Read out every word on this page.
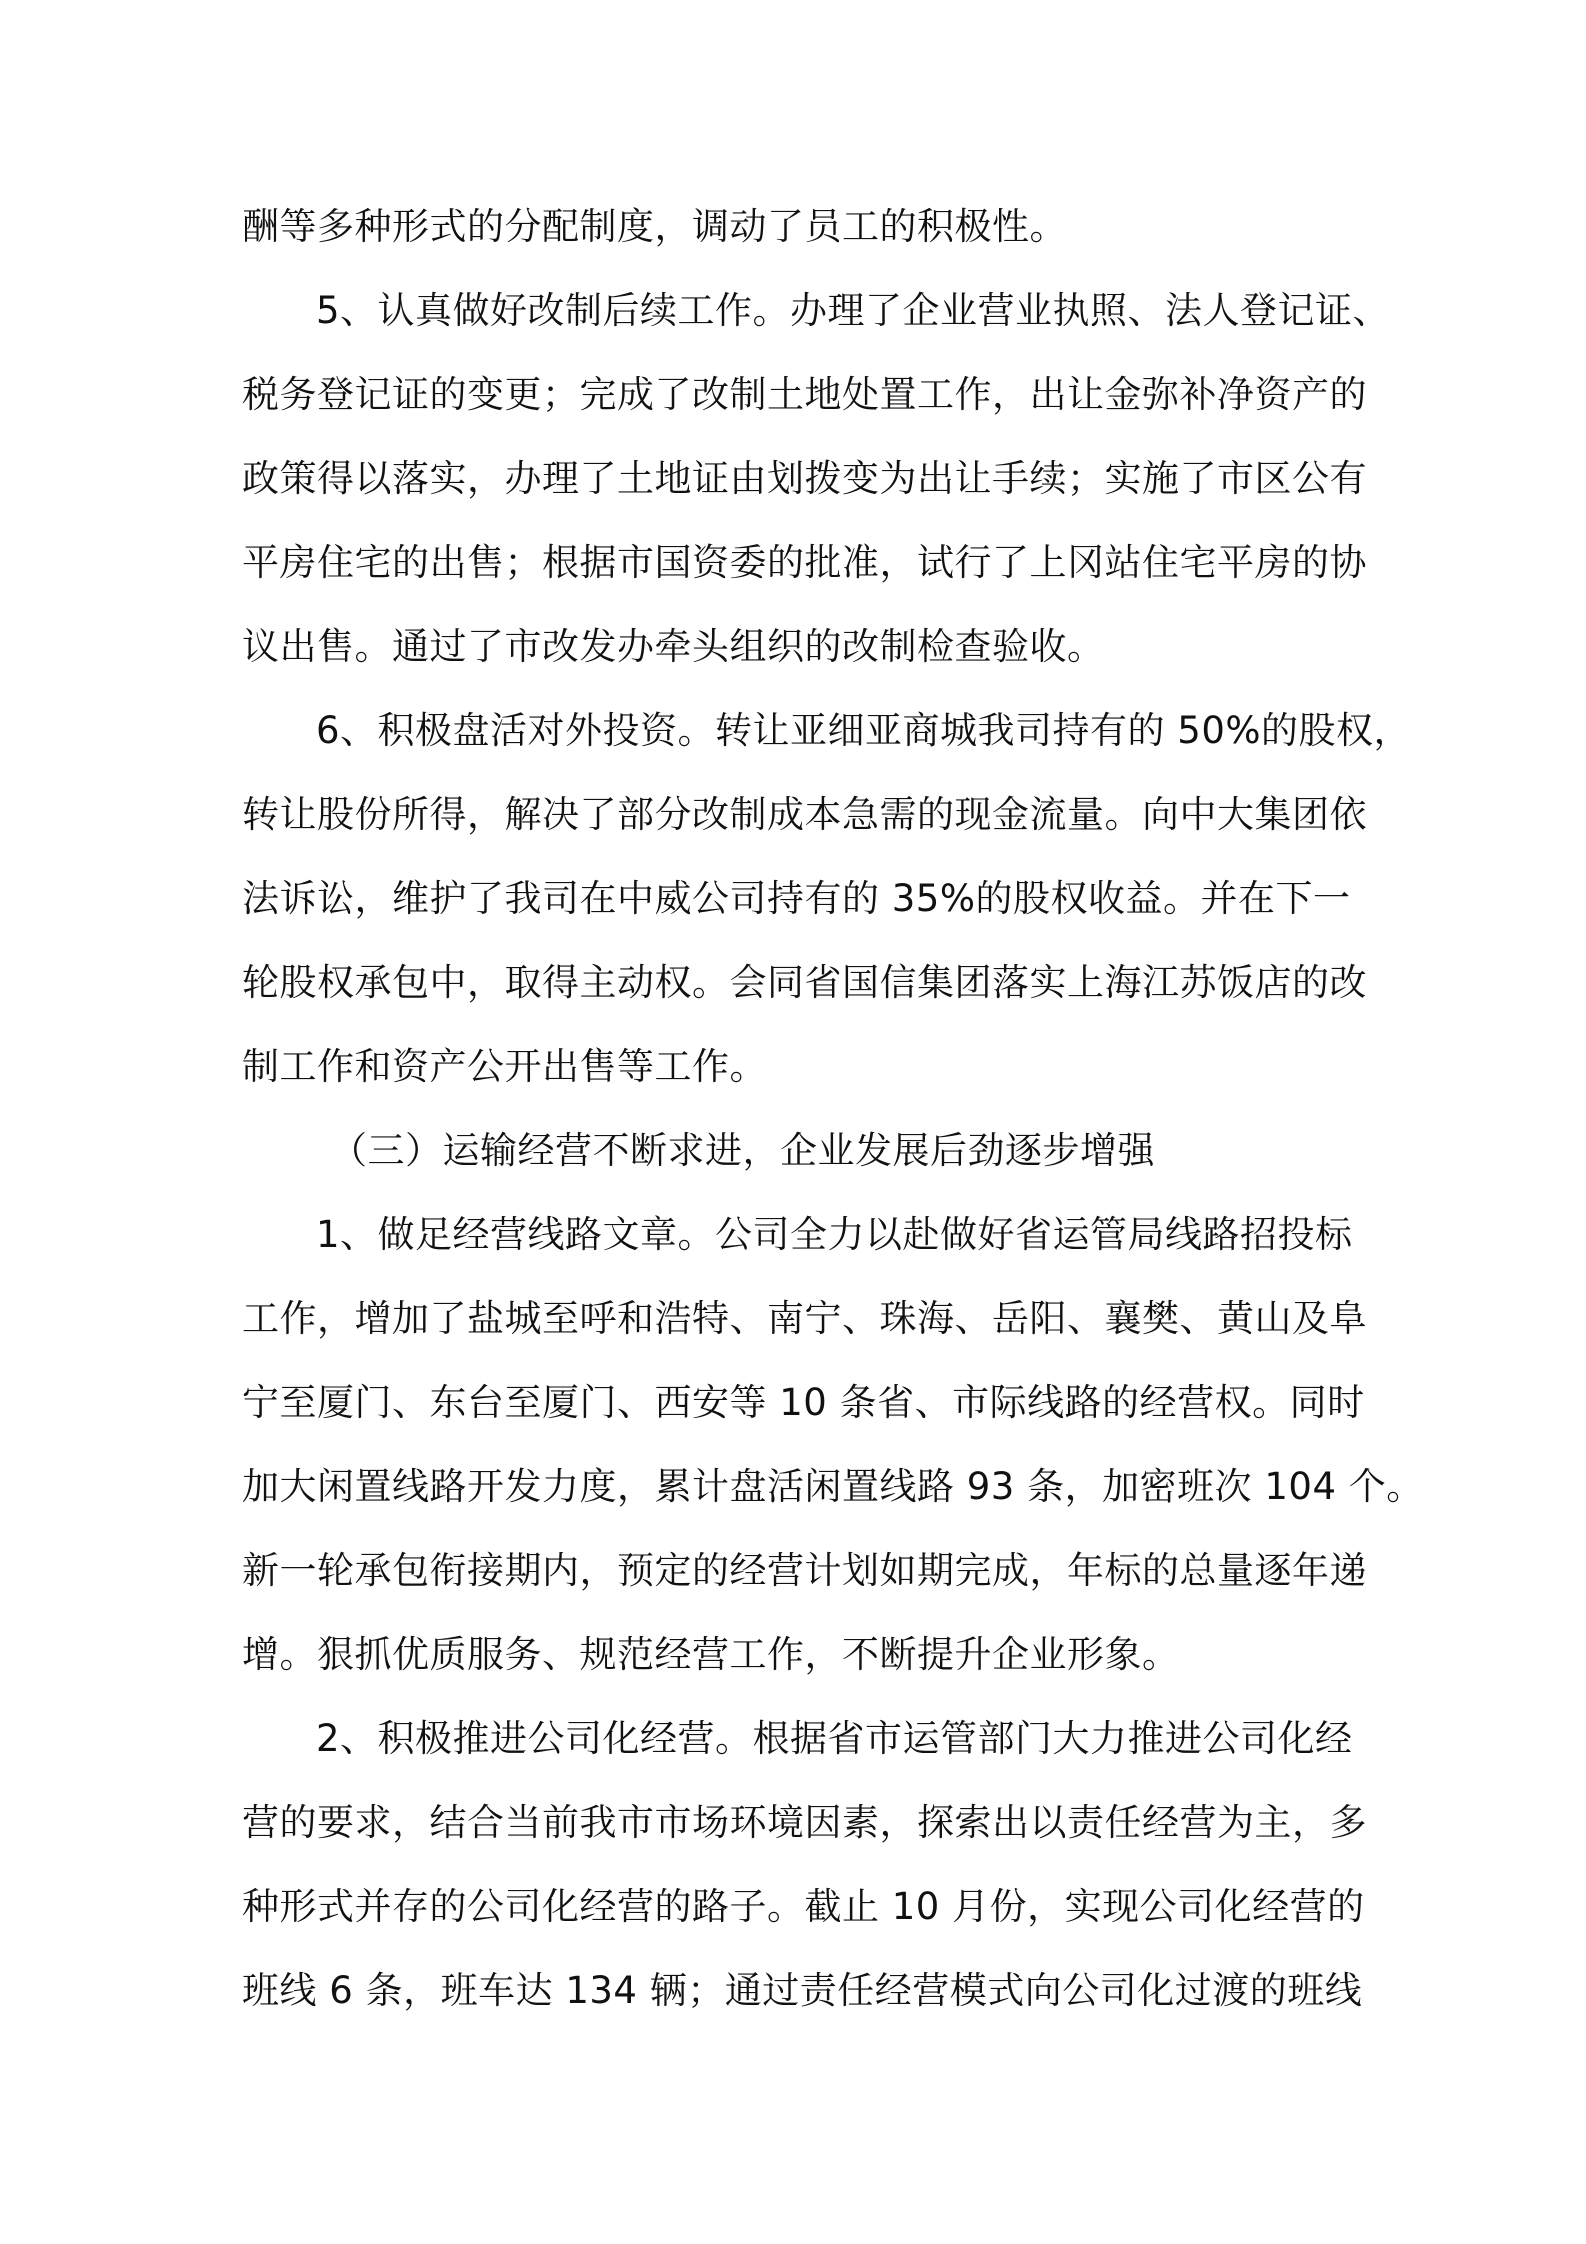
酬等多种形式的分配制度，调动了员工的积极性。
5、认真做好改制后续工作。办理了企业营业执照、法人登记证、
税务登记证的变更；完成了改制土地处置工作，出让金弥补净资产的
政策得以落实，办理了土地证由划拨变为出让手续；实施了市区公有
平房住宅的出售；根据市国资委的批准，试行了上冈站住宅平房的协
议出售。通过了市改发办牵头组织的改制检查验收。
6、积极盘活对外投资。转让亚细亚商城我司持有的 50%的股权，
转让股份所得，解决了部分改制成本急需的现金流量。向中大集团依
法诉讼，维护了我司在中威公司持有的 35%的股权收益。并在下一
轮股权承包中，取得主动权。会同省国信集团落实上海江苏饭店的改
制工作和资产公开出售等工作。
（三）运输经营不断求进，企业发展后劲逐步增强
1、做足经营线路文章。公司全力以赴做好省运管局线路招投标
工作，增加了盐城至呼和浩特、南宁、珠海、岳阳、襄樊、黄山及阜
宁至厦门、东台至厦门、西安等 10 条省、市际线路的经营权。同时
加大闲置线路开发力度，累计盘活闲置线路 93 条，加密班次 104 个。
新一轮承包衔接期内，预定的经营计划如期完成，年标的总量逐年递
增。狠抓优质服务、规范经营工作，不断提升企业形象。
2、积极推进公司化经营。根据省市运管部门大力推进公司化经
营的要求，结合当前我市市场环境因素，探索出以责任经营为主，多
种形式并存的公司化经营的路子。截止 10 月份，实现公司化经营的
班线 6 条，班车达 134 辆；通过责任经营模式向公司化过渡的班线
